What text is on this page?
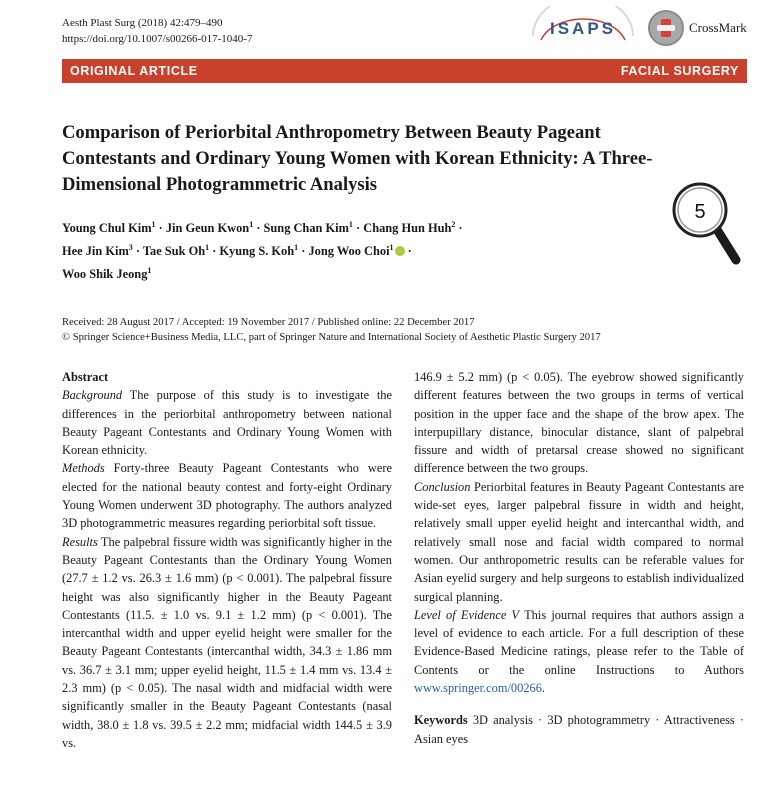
Aesth Plast Surg (2018) 42:479–490
https://doi.org/10.1007/s00266-017-1040-7
ISAPS	CrossMark
ORIGINAL ARTICLE	FACIAL SURGERY
Comparison of Periorbital Anthropometry Between Beauty Pageant Contestants and Ordinary Young Women with Korean Ethnicity: A Three-Dimensional Photogrammetric Analysis
5
Young Chul Kim$^1$ · Jin Geun Kwon$^1$ · Sung Chan Kim$^1$ · Chang Hun Huh$^2$ ·
Hee Jin Kim$^3$ · Tae Suk $Oh^1$ · Kyung S. Koh$^1$ · Jong Woo Choi$^1$ ·
Woo Shik Jeong$^1$
Received: 28 August 2017 / Accepted: 19 November 2017 / Published online: 22 December 2017
© Springer Science+Business Media, LLC, part of Springer Nature and International Society of Aesthetic Plastic Surgery 2017

Abstract

Background The purpose of this study is to investigate the differences in the periorbital anthropometry between national Beauty Pageant Contestants and Ordinary Young Women with Korean ethnicity.

Methods Forty-three Beauty Pageant Contestants who were elected for the national beauty contest and forty-eight Ordinary Young Women underwent 3D photography. The authors analyzed 3D photogrammetric measures regarding periorbital soft tissue.

Results The palpebral fissure width was significantly higher in the Beauty Pageant Contestants than the Ordinary Young Women (27.7 ± 1.2 vs. 26.3 ± 1.6 mm) (p < 0.001). The palpebral fissure height was also significantly higher in the Beauty Pageant Contestants (11.5. ± 1.0 vs. 9.1 ± 1.2 mm) (p < 0.001). The intercanthal width and upper eyelid height were smaller for the Beauty Pageant Contestants (intercanthal width, 34.3 ± 1.86 mm vs. 36.7 ± 3.1 mm; upper eyelid height, 11.5 ± 1.4 mm vs. 13.4 ± 2.3 mm) (p < 0.05). The nasal width and midfacial width were significantly smaller in the Beauty Pageant Contestants (nasal width, 38.0 ± 1.8 vs. 39.5 ± 2.2 mm; midfacial width 144.5 ± 3.9 vs.

146.9 ± 5.2 mm) (p < 0.05). The eyebrow showed significantly different features between the two groups in terms of vertical position in the upper face and the shape of the brow apex. The interpupillary distance, binocular distance, slant of palpebral fissure and width of pretarsal crease showed no significant difference between the two groups.

Conclusion Periorbital features in Beauty Pageant Contestants are wide-set eyes, larger palpebral fissure in width and height, relatively small upper eyelid height and intercanthal width, and relatively small nose and facial width compared to normal women. Our anthropometric results can be referable values for Asian eyelid surgery and help surgeons to establish individualized surgical planning.

Level of Evidence V This journal requires that authors assign a level of evidence to each article. For a full description of these Evidence-Based Medicine ratings, please refer to the Table of Contents or the online Instructions to Authors www.springer.com/00266.

Keywords 3D analysis · 3D photogrammetry · Attractiveness · Asian eyes
